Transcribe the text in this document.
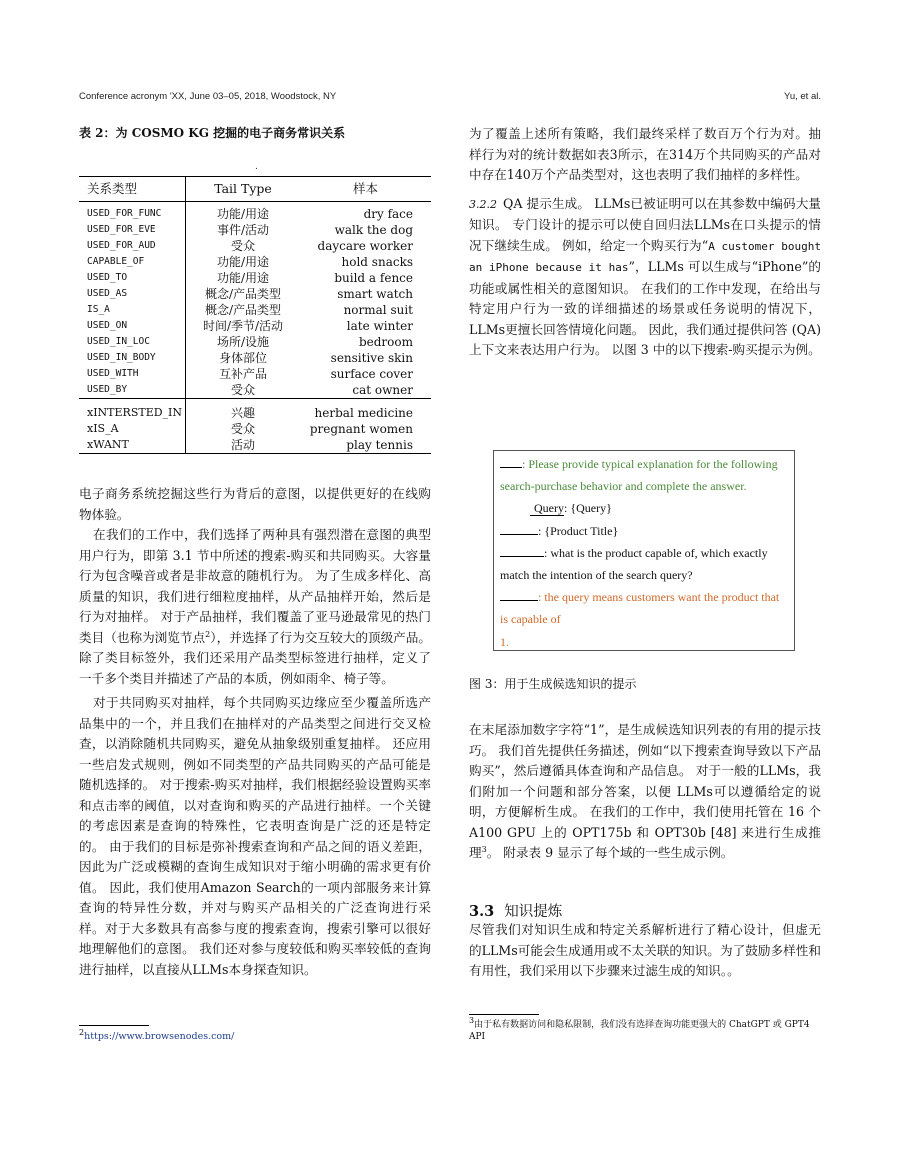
Conference acronym 'XX, June 03–05, 2018, Woodstock, NY	Yu, et al.
表 2：为 COSMO KG 挖掘的电子商务常识关系
.
关系类型	Tail Type	样本
USED_FOR_FUNC	功能/用途	dry face
USED_FOR_EVE	事件/活动	walk the dog
USED_FOR_AUD	受众	daycare worker
CAPABLE_OF	功能/用途	hold snacks
USED_TO	功能/用途	build a fence
USED_AS	概念/产品类型	smart watch
IS_A	概念/产品类型	normal suit
USED_ON	时间/季节/活动	late winter
USED_IN_LOC	场所/设施	bedroom
USED_IN_BODY	身体部位	sensitive skin
USED_WITH	互补产品	surface cover
USED_BY	受众	cat owner
xINTERSTED_IN	兴趣	herbal medicine
xIS_A	受众	pregnant women
xWANT	活动	play tennis

电子商务系统挖掘这些行为背后的意图，以提供更好的在线购物体验。

在我们的工作中，我们选择了两种具有强烈潜在意图的典型用户行为，即第 3.1 节中所述的搜索-购买和共同购买。大容量行为包含噪音或者是非故意的随机行为。 为了生成多样化、高质量的知识，我们进行细粒度抽样，从产品抽样开始，然后是行为对抽样。 对于产品抽样，我们覆盖了亚马逊最常见的热门类目（也称为浏览节点$^2$），并选择了行为交互较大的顶级产品。 除了类目标签外，我们还采用产品类型标签进行抽样，定义了一千多个类目并描述了产品的本质，例如雨伞、椅子等。

对于共同购买对抽样，每个共同购买边缘应至少覆盖所选产品集中的一个，并且我们在抽样对的产品类型之间进行交叉检查，以消除随机共同购买，避免从抽象级别重复抽样。 还应用一些启发式规则，例如不同类型的产品共同购买的产品可能是随机选择的。 对于搜索-购买对抽样，我们根据经验设置购买率和点击率的阈值，以对查询和购买的产品进行抽样。一个关键的考虑因素是查询的特殊性，它表明查询是广泛的还是特定的。 由于我们的目标是弥补搜索查询和产品之间的语义差距，因此为广泛或模糊的查询生成知识对于缩小明确的需求更有价值。 因此，我们使用Amazon Search的一项内部服务来计算查询的特异性分数，并对与购买产品相关的广泛查询进行采样。对于大多数具有高参与度的搜索查询，搜索引擎可以很好地理解他们的意图。 我们还对参与度较低和购买率较低的查询进行抽样，以直接从LLMs本身探查知识。

$^2$https://www.browsenodes.com/

为了覆盖上述所有策略，我们最终采样了数百万个行为对。抽样行为对的统计数据如表3所示，在314万个共同购买的产品对中存在140万个产品类型对，这也表明了我们抽样的多样性。

3.2.2 QA 提示生成。 LLMs已被证明可以在其参数中编码大量知识。 专门设计的提示可以使自回归法LLMs在口头提示的情况下继续生成。 例如，给定一个购买行为“A customer bought an iPhone because it has”，LLMs 可以生成与“iPhone”的功能或属性相关的意图知识。 在我们的工作中发现，在给出与特定用户行为一致的详细描述的场景或任务说明的情况下，LLMs更擅长回答情境化问题。 因此，我们通过提供问答 (QA) 上下文来表达用户行为。 以图 3 中的以下搜索-购买提示为例。

: Please provide typical explanation for the following

search-purchase behavior and complete the answer.

Query: {Query}

: {Product Title}

: what is the product capable of, which exactly

match the intention of the search query?

: the query means customers want the product that

is capable of

1.

图 3：用于生成候选知识的提示

在末尾添加数字字符“1”，是生成候选知识列表的有用的提示技巧。 我们首先提供任务描述，例如“以下搜索查询导致以下产品购买”，然后遵循具体查询和产品信息。 对于一般的LLMs，我们附加一个问题和部分答案，以便 LLMs可以遵循给定的说明，方便解析生成。 在我们的工作中，我们使用托管在 16 个 A100 GPU 上的 OPT175b 和 OPT30b [48] 来进行生成推理$^3$。 附录表 9 显示了每个域的一些生成示例。

3.3 知识提炼

尽管我们对知识生成和特定关系解析进行了精心设计，但虚无的LLMs可能会生成通用或不太关联的知识。为了鼓励多样性和有用性，我们采用以下步骤来过滤生成的知识。。

$^3$由于私有数据访问和隐私限制，我们没有选择查询功能更强大的 ChatGPT 或 GPT4 API
